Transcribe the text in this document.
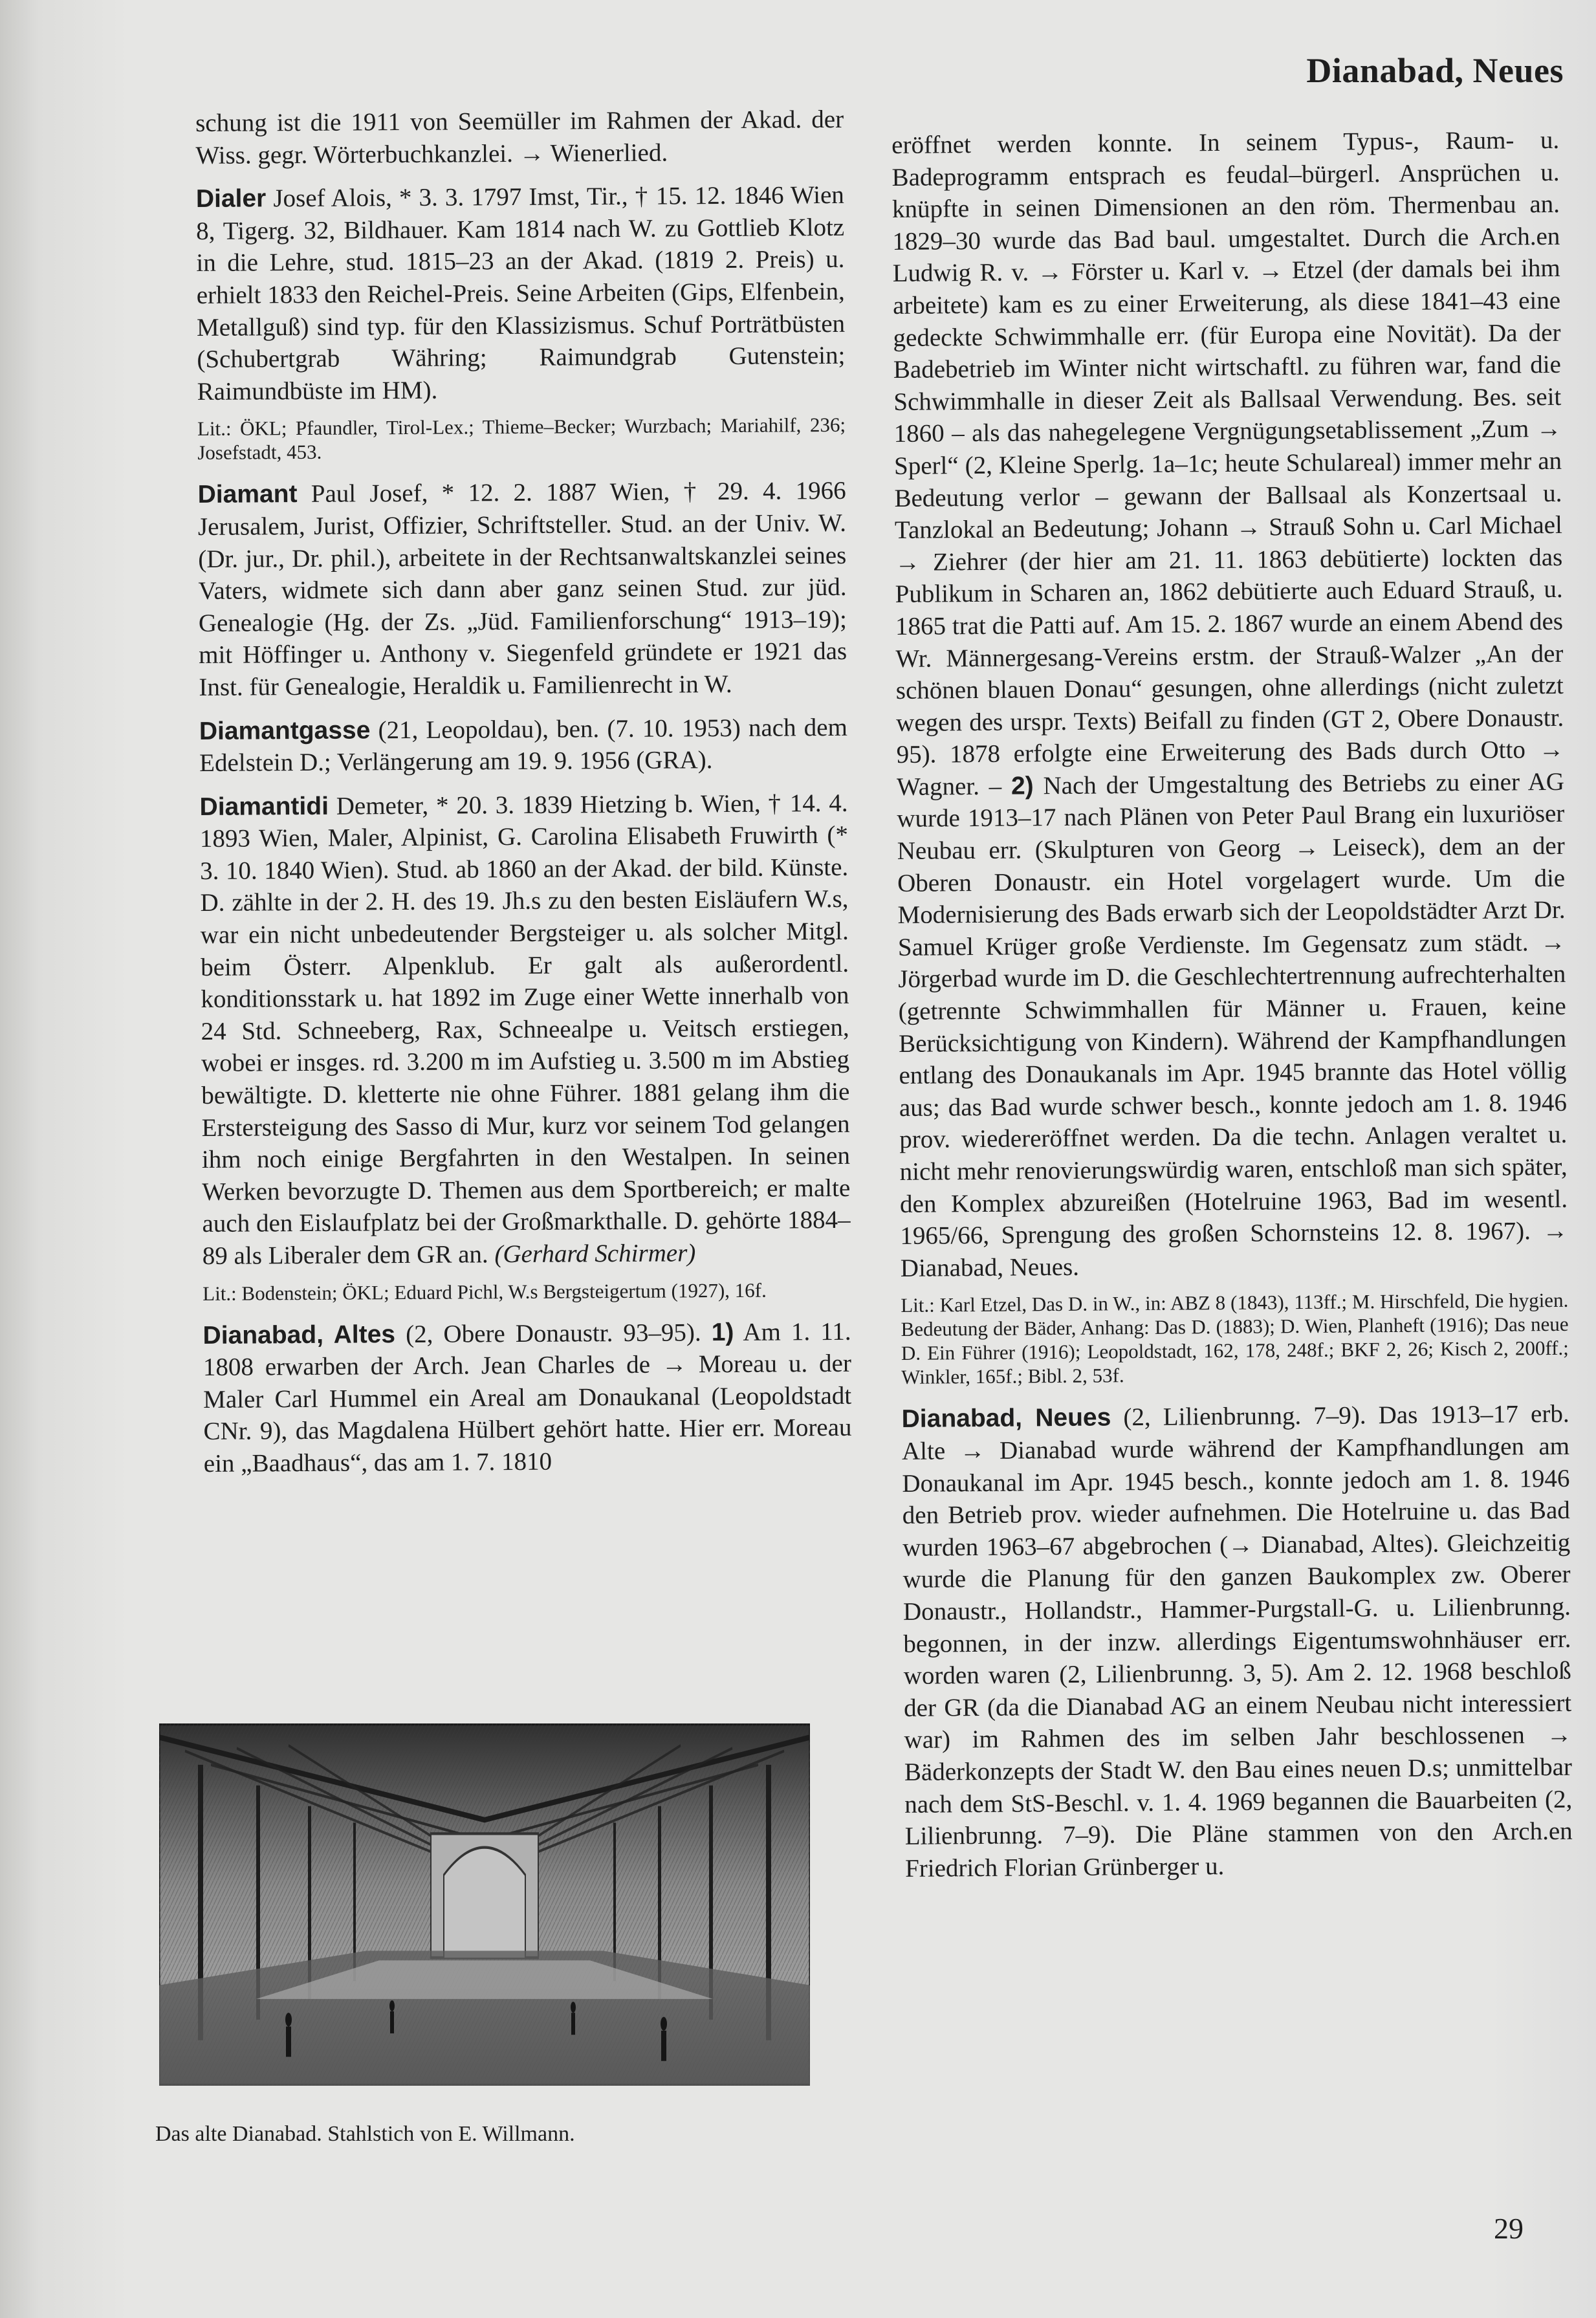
Dianabad, Neues

schung ist die 1911 von Seemüller im Rahmen der Akad. der Wiss. gegr. Wörterbuchkanzlei. → Wienerlied.

Dialer Josef Alois, * 3. 3. 1797 Imst, Tir., † 15. 12. 1846 Wien 8, Tigerg. 32, Bildhauer. Kam 1814 nach W. zu Gottlieb Klotz in die Lehre, stud. 1815–23 an der Akad. (1819 2. Preis) u. erhielt 1833 den Reichel-Preis. Seine Arbeiten (Gips, Elfenbein, Metallguß) sind typ. für den Klassizismus. Schuf Porträtbüsten (Schubertgrab Währing; Raimundgrab Gutenstein; Raimundbüste im HM).

Lit.: ÖKL; Pfaundler, Tirol-Lex.; Thieme–Becker; Wurzbach; Mariahilf, 236; Josefstadt, 453.

Diamant Paul Josef, * 12. 2. 1887 Wien, † 29. 4. 1966 Jerusalem, Jurist, Offizier, Schriftsteller. Stud. an der Univ. W. (Dr. jur., Dr. phil.), arbeitete in der Rechtsanwaltskanzlei seines Vaters, widmete sich dann aber ganz seinen Stud. zur jüd. Genealogie (Hg. der Zs. „Jüd. Familienforschung“ 1913–19); mit Höffinger u. Anthony v. Siegenfeld gründete er 1921 das Inst. für Genealogie, Heraldik u. Familienrecht in W.

Diamantgasse (21, Leopoldau), ben. (7. 10. 1953) nach dem Edelstein D.; Verlängerung am 19. 9. 1956 (GRA).

Diamantidi Demeter, * 20. 3. 1839 Hietzing b. Wien, † 14. 4. 1893 Wien, Maler, Alpinist, G. Carolina Elisabeth Fruwirth (* 3. 10. 1840 Wien). Stud. ab 1860 an der Akad. der bild. Künste. D. zählte in der 2. H. des 19. Jh.s zu den besten Eisläufern W.s, war ein nicht unbedeutender Bergsteiger u. als solcher Mitgl. beim Österr. Alpenklub. Er galt als außerordentl. konditionsstark u. hat 1892 im Zuge einer Wette innerhalb von 24 Std. Schneeberg, Rax, Schneealpe u. Veitsch erstiegen, wobei er insges. rd. 3.200 m im Aufstieg u. 3.500 m im Abstieg bewältigte. D. kletterte nie ohne Führer. 1881 gelang ihm die Erstersteigung des Sasso di Mur, kurz vor seinem Tod gelangen ihm noch einige Bergfahrten in den Westalpen. In seinen Werken bevorzugte D. Themen aus dem Sportbereich; er malte auch den Eislaufplatz bei der Großmarkthalle. D. gehörte 1884–89 als Liberaler dem GR an. (Gerhard Schirmer)

Lit.: Bodenstein; ÖKL; Eduard Pichl, W.s Bergsteigertum (1927), 16f.

Dianabad, Altes (2, Obere Donaustr. 93–95). 1) Am 1. 11. 1808 erwarben der Arch. Jean Charles de → Moreau u. der Maler Carl Hummel ein Areal am Donaukanal (Leopoldstadt CNr. 9), das Magdalena Hülbert gehört hatte. Hier err. Moreau ein „Baadhaus“, das am 1. 7. 1810

Das alte Dianabad. Stahlstich von E. Willmann.

eröffnet werden konnte. In seinem Typus-, Raum- u. Badeprogramm entsprach es feudal–bürgerl. Ansprüchen u. knüpfte in seinen Dimensionen an den röm. Thermenbau an. 1829–30 wurde das Bad baul. umgestaltet. Durch die Arch.en Ludwig R. v. → Förster u. Karl v. → Etzel (der damals bei ihm arbeitete) kam es zu einer Erweiterung, als diese 1841–43 eine gedeckte Schwimmhalle err. (für Europa eine Novität). Da der Badebetrieb im Winter nicht wirtschaftl. zu führen war, fand die Schwimmhalle in dieser Zeit als Ballsaal Verwendung. Bes. seit 1860 – als das nahegelegene Vergnügungsetablissement „Zum → Sperl“ (2, Kleine Sperlg. 1a–1c; heute Schulareal) immer mehr an Bedeutung verlor – gewann der Ballsaal als Konzertsaal u. Tanzlokal an Bedeutung; Johann → Strauß Sohn u. Carl Michael → Ziehrer (der hier am 21. 11. 1863 debütierte) lockten das Publikum in Scharen an, 1862 debütierte auch Eduard Strauß, u. 1865 trat die Patti auf. Am 15. 2. 1867 wurde an einem Abend des Wr. Männergesang-Vereins erstm. der Strauß-Walzer „An der schönen blauen Donau“ gesungen, ohne allerdings (nicht zuletzt wegen des urspr. Texts) Beifall zu finden (GT 2, Obere Donaustr. 95). 1878 erfolgte eine Erweiterung des Bads durch Otto → Wagner. – 2) Nach der Umgestaltung des Betriebs zu einer AG wurde 1913–17 nach Plänen von Peter Paul Brang ein luxuriöser Neubau err. (Skulpturen von Georg → Leiseck), dem an der Oberen Donaustr. ein Hotel vorgelagert wurde. Um die Modernisierung des Bads erwarb sich der Leopoldstädter Arzt Dr. Samuel Krüger große Verdienste. Im Gegensatz zum städt. → Jörgerbad wurde im D. die Geschlechtertrennung aufrechterhalten (getrennte Schwimmhallen für Männer u. Frauen, keine Berücksichtigung von Kindern). Während der Kampfhandlungen entlang des Donaukanals im Apr. 1945 brannte das Hotel völlig aus; das Bad wurde schwer besch., konnte jedoch am 1. 8. 1946 prov. wiedereröffnet werden. Da die techn. Anlagen veraltet u. nicht mehr renovierungswürdig waren, entschloß man sich später, den Komplex abzureißen (Hotelruine 1963, Bad im wesentl. 1965/66, Sprengung des großen Schornsteins 12. 8. 1967). → Dianabad, Neues.

Lit.: Karl Etzel, Das D. in W., in: ABZ 8 (1843), 113ff.; M. Hirschfeld, Die hygien. Bedeutung der Bäder, Anhang: Das D. (1883); D. Wien, Planheft (1916); Das neue D. Ein Führer (1916); Leopoldstadt, 162, 178, 248f.; BKF 2, 26; Kisch 2, 200ff.; Winkler, 165f.; Bibl. 2, 53f.

Dianabad, Neues (2, Lilienbrunng. 7–9). Das 1913–17 erb. Alte → Dianabad wurde während der Kampfhandlungen am Donaukanal im Apr. 1945 besch., konnte jedoch am 1. 8. 1946 den Betrieb prov. wieder aufnehmen. Die Hotelruine u. das Bad wurden 1963–67 abgebrochen (→ Dianabad, Altes). Gleichzeitig wurde die Planung für den ganzen Baukomplex zw. Oberer Donaustr., Hollandstr., Hammer-Purgstall-G. u. Lilienbrunng. begonnen, in der inzw. allerdings Eigentumswohnhäuser err. worden waren (2, Lilienbrunng. 3, 5). Am 2. 12. 1968 beschloß der GR (da die Dianabad AG an einem Neubau nicht interessiert war) im Rahmen des im selben Jahr beschlossenen → Bäderkonzepts der Stadt W. den Bau eines neuen D.s; unmittelbar nach dem StS-Beschl. v. 1. 4. 1969 begannen die Bauarbeiten (2, Lilienbrunng. 7–9). Die Pläne stammen von den Arch.en Friedrich Florian Grünberger u.

29
